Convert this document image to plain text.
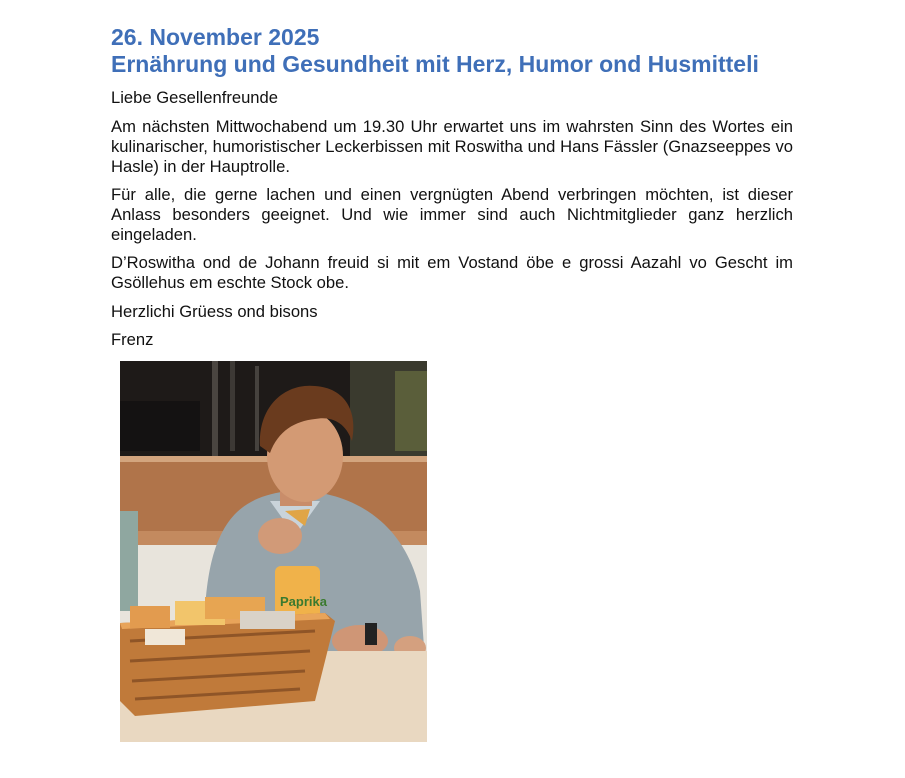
26. November 2025
Ernährung und Gesundheit mit Herz, Humor ond Husmitteli

Liebe Gesellenfreunde

Am nächsten Mittwochabend um 19.30 Uhr erwartet uns im wahrsten Sinn des Wortes ein kulinarischer, humoristischer Leckerbissen mit Roswitha und Hans Fässler (Gnazseeppes vo Hasle) in der Hauptrolle.

Für alle, die gerne lachen und einen vergnügten Abend verbringen möchten, ist dieser Anlass besonders geeignet. Und wie immer sind auch Nichtmitglieder ganz herzlich eingeladen.

D’Roswitha ond de Johann freuid si mit em Vostand öbe e grossi Aazahl vo Gescht im Gsöllehus em eschte Stock obe.

Herzlichi Grüess ond bisons

Frenz

Paprika
